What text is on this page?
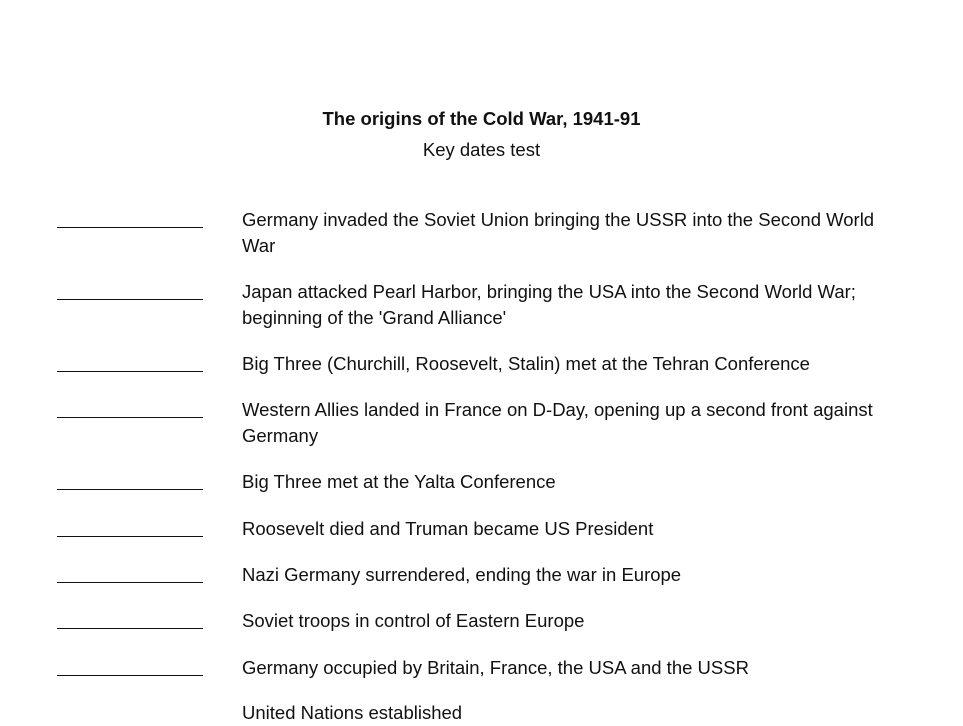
The origins of the Cold War, 1941-91
Key dates test
Germany invaded the Soviet Union bringing the USSR into the Second World War
Japan attacked Pearl Harbor, bringing the USA into the Second World War; beginning of the 'Grand Alliance'
Big Three (Churchill, Roosevelt, Stalin) met at the Tehran Conference
Western Allies landed in France on D-Day, opening up a second front against Germany
Big Three met at the Yalta Conference
Roosevelt died and Truman became US President
Nazi Germany surrendered, ending the war in Europe
Soviet troops in control of Eastern Europe
Germany occupied by Britain, France, the USA and the USSR
United Nations established
